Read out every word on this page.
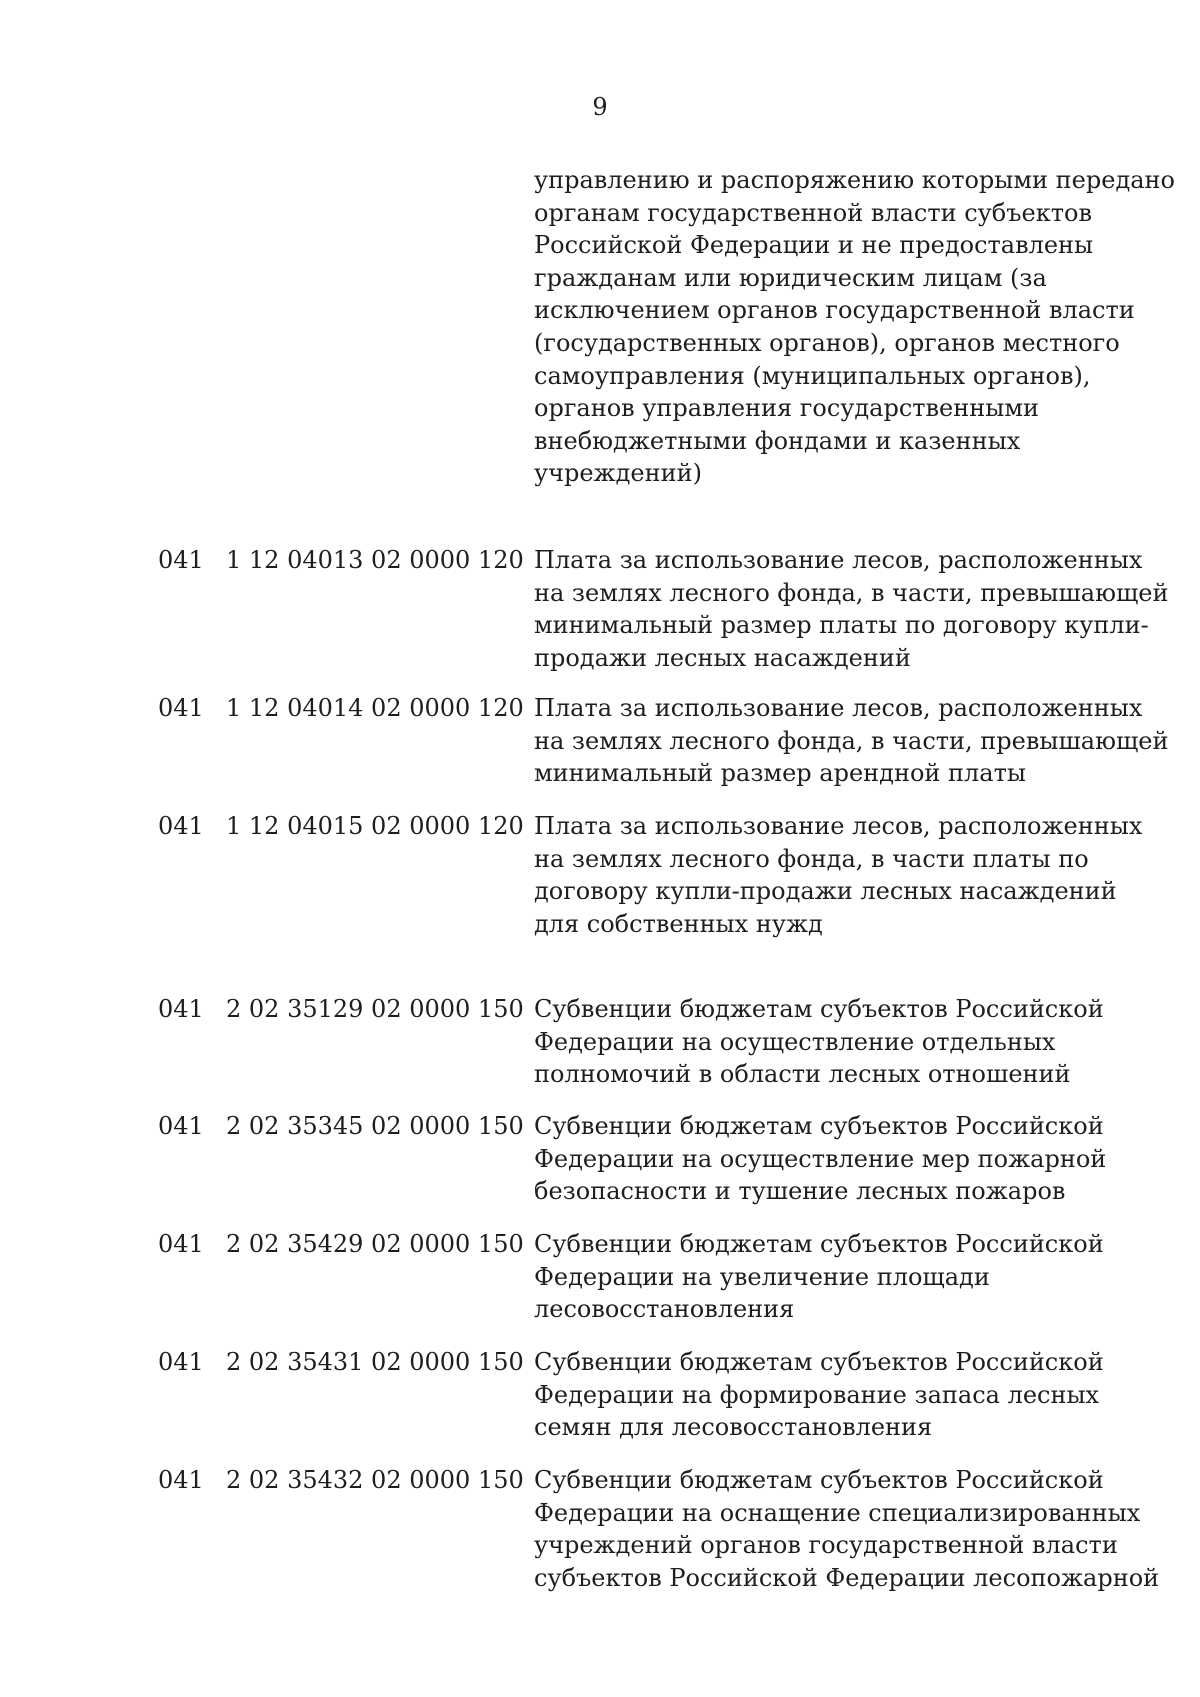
9
управлению и распоряжению которыми передано
органам государственной власти субъектов
Российской Федерации и не предоставлены
гражданам или юридическим лицам (за
исключением органов государственной власти
(государственных органов), органов местного
самоуправления (муниципальных органов),
органов управления государственными
внебюджетными фондами и казенных
учреждений)
041 1 12 04013 02 0000 120 Плата за использование лесов, расположенных
на землях лесного фонда, в части, превышающей
минимальный размер платы по договору купли-
продажи лесных насаждений
041 1 12 04014 02 0000 120 Плата за использование лесов, расположенных
на землях лесного фонда, в части, превышающей
минимальный размер арендной платы
041 1 12 04015 02 0000 120 Плата за использование лесов, расположенных
на землях лесного фонда, в части платы по
договору купли-продажи лесных насаждений
для собственных нужд
041 2 02 35129 02 0000 150 Субвенции бюджетам субъектов Российской
Федерации на осуществление отдельных
полномочий в области лесных отношений
041 2 02 35345 02 0000 150 Субвенции бюджетам субъектов Российской
Федерации на осуществление мер пожарной
безопасности и тушение лесных пожаров
041 2 02 35429 02 0000 150 Субвенции бюджетам субъектов Российской
Федерации на увеличение площади
лесовосстановления
041 2 02 35431 02 0000 150 Субвенции бюджетам субъектов Российской
Федерации на формирование запаса лесных
семян для лесовосстановления
041 2 02 35432 02 0000 150 Субвенции бюджетам субъектов Российской
Федерации на оснащение специализированных
учреждений органов государственной власти
субъектов Российской Федерации лесопожарной
